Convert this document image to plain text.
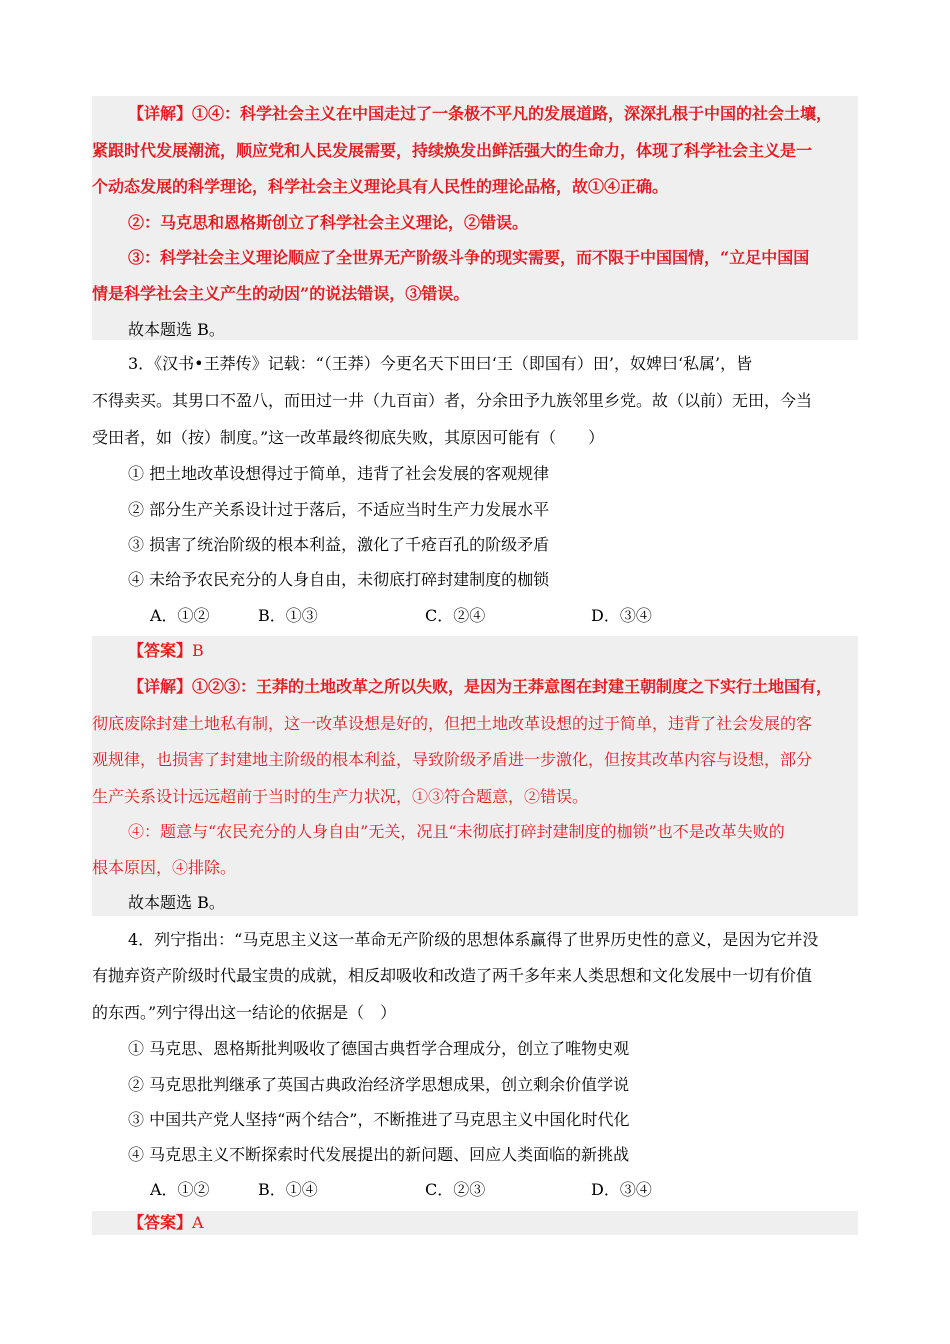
【详解】①④：科学社会主义在中国走过了一条极不平凡的发展道路，深深扎根于中国的社会土壤，
紧跟时代发展潮流，顺应党和人民发展需要，持续焕发出鲜活强大的生命力，体现了科学社会主义是一
个动态发展的科学理论，科学社会主义理论具有人民性的理论品格，故①④正确。
②：马克思和恩格斯创立了科学社会主义理论，②错误。
③：科学社会主义理论顺应了全世界无产阶级斗争的现实需要，而不限于中国国情，“立足中国国
情是科学社会主义产生的动因”的说法错误，③错误。
故本题选 B。
3．《汉书•王莽传》记载：“（王莽）今更名天下田曰‘王（即国有）田’，奴婢曰‘私属’，皆
不得卖买。其男口不盈八，而田过一井（九百亩）者，分余田予九族邻里乡党。故（以前）无田，今当
受田者，如（按）制度。”这一改革最终彻底失败，其原因可能有（　　）
① 把土地改革设想得过于简单，违背了社会发展的客观规律
② 部分生产关系设计过于落后，不适应当时生产力发展水平
③ 损害了统治阶级的根本利益，激化了千疮百孔的阶级矛盾
④ 未给予农民充分的人身自由，未彻底打碎封建制度的枷锁
A．①②	B．①③	C．②④	D．③④
【答案】B
【详解】①②③：王莽的土地改革之所以失败，是因为王莽意图在封建王朝制度之下实行土地国有，
彻底废除封建土地私有制，这一改革设想是好的，但把土地改革设想的过于简单，违背了社会发展的客
观规律，也损害了封建地主阶级的根本利益，导致阶级矛盾进一步激化，但按其改革内容与设想，部分
生产关系设计远远超前于当时的生产力状况，①③符合题意，②错误。
④：题意与“农民充分的人身自由”无关，况且“未彻底打碎封建制度的枷锁”也不是改革失败的
根本原因，④排除。
故本题选 B。
4．列宁指出：“马克思主义这一革命无产阶级的思想体系赢得了世界历史性的意义，是因为它并没
有抛弃资产阶级时代最宝贵的成就，相反却吸收和改造了两千多年来人类思想和文化发展中一切有价值
的东西。”列宁得出这一结论的依据是（　）
① 马克思、恩格斯批判吸收了德国古典哲学合理成分，创立了唯物史观
② 马克思批判继承了英国古典政治经济学思想成果，创立剩余价值学说
③ 中国共产党人坚持“两个结合”，不断推进了马克思主义中国化时代化
④ 马克思主义不断探索时代发展提出的新问题、回应人类面临的新挑战
A．①②	B．①④	C．②③	D．③④
【答案】A
